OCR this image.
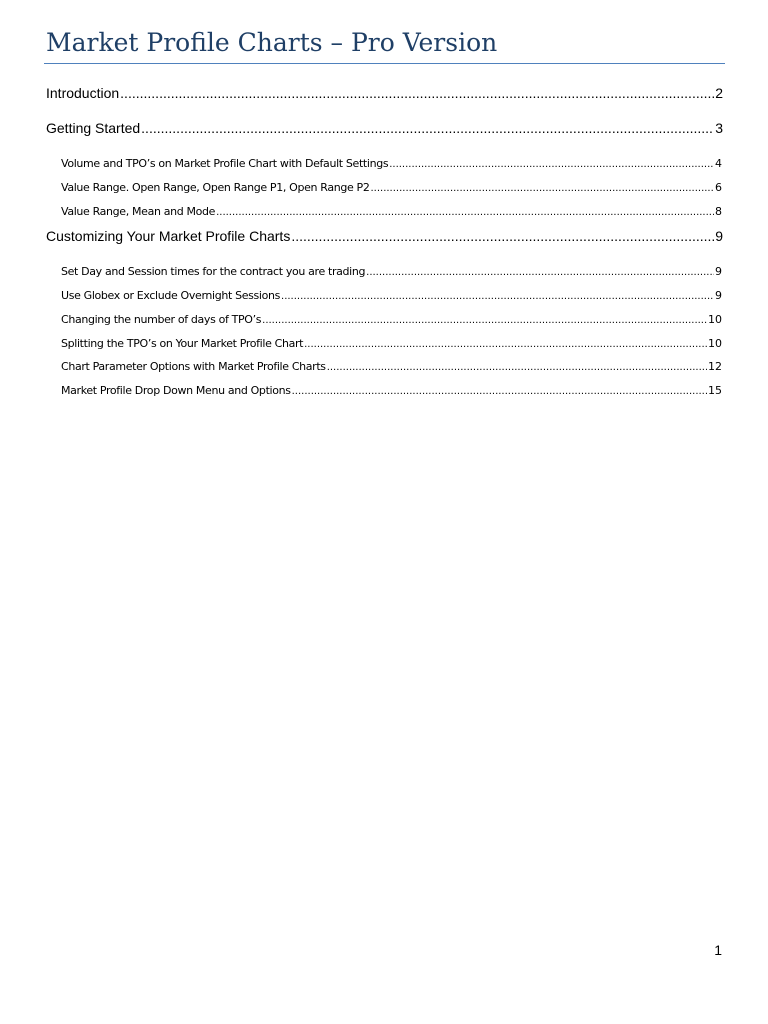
Market Profile Charts – Pro Version
Introduction .....	2
Getting Started .....	3
Volume and TPO’s on Market Profile Chart with Default Settings .....	4
Value Range. Open Range, Open Range P1, Open Range P2 .....	6
Value Range, Mean and Mode .....	8
Customizing Your Market Profile Charts .....	9
Set Day and Session times for the contract you are trading .....	9
Use Globex or Exclude Overnight Sessions .....	9
Changing the number of days of TPO’s .....	10
Splitting the TPO’s on Your Market Profile Chart .....	10
Chart Parameter Options with Market Profile Charts .....	12
Market Profile Drop Down Menu and Options .....	15
1
